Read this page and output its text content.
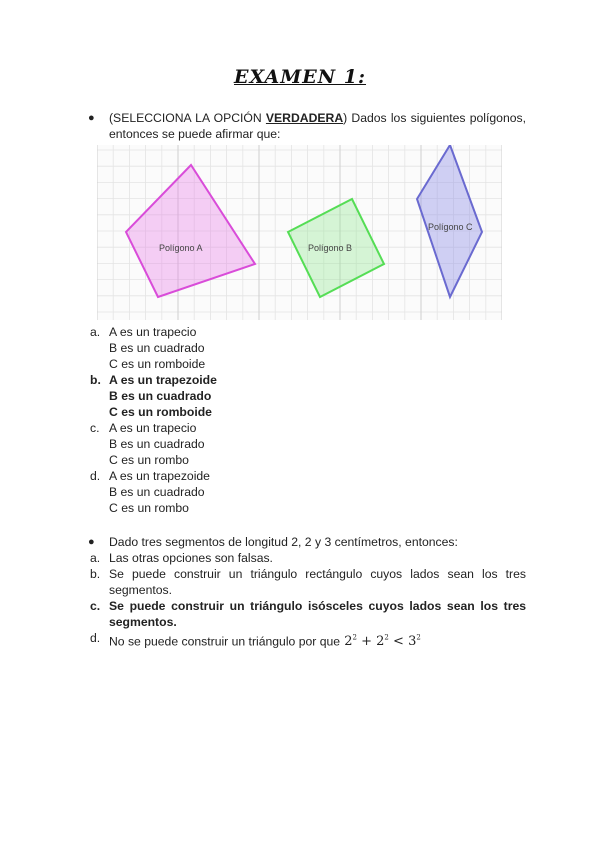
EXAMEN 1:
● (SELECCIONA LA OPCIÓN VERDADERA) Dados los siguientes polígonos, entonces se puede afirmar que:
Polígono A	Polígono B
Polígono C
a. A es un trapecio
B es un cuadrado
C es un romboide
b. A es un trapezoide
B es un cuadrado
C es un romboide
c. A es un trapecio
B es un cuadrado
C es un rombo
d. A es un trapezoide
B es un cuadrado
C es un rombo
● Dado tres segmentos de longitud 2, 2 y 3 centímetros, entonces:
a. Las otras opciones son falsas.
b. Se puede construir un triángulo rectángulo cuyos lados sean los tres segmentos.
c. Se puede construir un triángulo isósceles cuyos lados sean los tres segmentos.
d. No se puede construir un triángulo por que $2^2 + 2^2 < 3^2$
